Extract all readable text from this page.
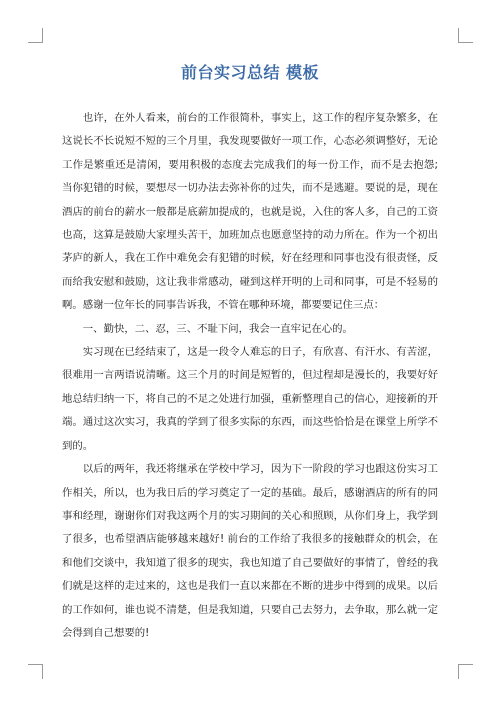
前台实习总结 模板

也许，在外人看来，前台的工作很简朴，事实上，这工作的程序复杂繁多，在这说长不长说短不短的三个月里，我发现要做好一项工作，心态必须调整好，无论工作是繁重还是清闲，要用积极的态度去完成我们的每一份工作，而不是去抱怨;当你犯错的时候，要想尽一切办法去弥补你的过失，而不是逃避。要说的是，现在酒店的前台的薪水一般都是底薪加提成的，也就是说，入住的客人多，自己的工资也高，这算是鼓励大家埋头苦干，加班加点也愿意坚持的动力所在。作为一个初出茅庐的新人，我在工作中难免会有犯错的时候，好在经理和同事也没有很责怪，反而给我安慰和鼓励，这让我非常感动，碰到这样开明的上司和同事，可是不轻易的啊。感谢一位年长的同事告诉我，不管在哪种环境，都要要记住三点：

一、勤快，二、忍，三、不耻下问，我会一直牢记在心的。

实习现在已经结束了，这是一段令人难忘的日子，有欣喜、有汗水、有苦涩，很难用一言两语说清晰。这三个月的时间是短暂的，但过程却是漫长的，我要好好地总结归纳一下，将自己的不足之处进行加强，重新整理自己的信心，迎接新的开端。通过这次实习，我真的学到了很多实际的东西，而这些恰恰是在课堂上所学不到的。

以后的两年，我还将继承在学校中学习，因为下一阶段的学习也跟这份实习工作相关，所以，也为我日后的学习奠定了一定的基础。最后，感谢酒店的所有的同事和经理，谢谢你们对我这两个月的实习期间的关心和照顾，从你们身上，我学到了很多，也希望酒店能够越来越好! 前台的工作给了我很多的接触群众的机会，在和他们交谈中，我知道了很多的现实，我也知道了自己要做好的事情了，曾经的我们就是这样的走过来的，这也是我们一直以来都在不断的进步中得到的成果。以后的工作如何，谁也说不清楚，但是我知道，只要自己去努力，去争取，那么就一定会得到自己想要的!
